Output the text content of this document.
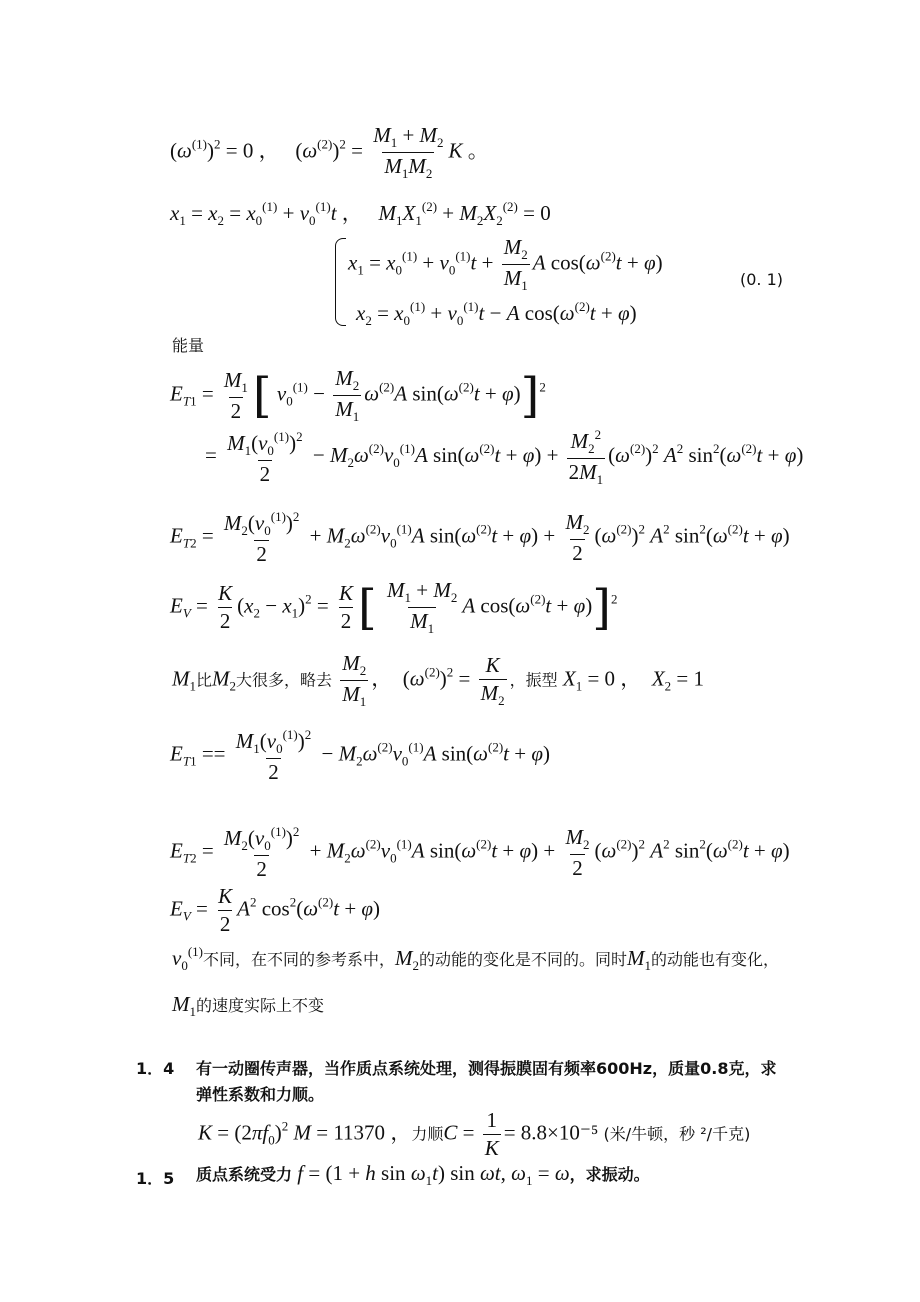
$(\omega^{(1)})^2 = 0$ ，   $(\omega^{(2)})^2 = \frac{M_1 + M_2}{M_1M_2}$ K 。
$x_1 = x_2 = x_0^{(1)} + v_0^{(1)}t$ ，   $M_1X_1^{(2)} + M_2X_2^{(2)} = 0$
$x_1 = x_0^{(1)} + v_0^{(1)}t + \frac{M_2}{M_1}$ A $\cos(\omega^{(2)}t + \varphi)$
$x_2 = x_0^{(1)} + v_0^{(1)}t - A$ $\cos(\omega^{(2)}t + \varphi)$
(0. 1)
能量
$E_{T1} = \frac{M_1}{2}$ [ $v_0^{(1)} - \frac{M_2}{M_1} \omega^{(2)}A$ $\sin(\omega^{(2)}t + \varphi)]^2$
= $\frac{M_1(v_0^{(1)})^2}{2} - M_2\omega^{(2)}v_0^{(1)}A$ $\sin(\omega^{(2)}t + \varphi) + \frac{M_2^2}{2M_1} (\omega^{(2)})^2$ $A^2$ $\sin^2(\omega^{(2)}t + \varphi)$
$E_{T2} = \frac{M_2(v_0^{(1)})^2}{2} + M_2\omega^{(2)}v_0^{(1)}A$ $\sin(\omega^{(2)}t + \varphi) + \frac{M_2}{2} (\omega^{(2)})^2$ $A^2$ $\sin^2(\omega^{(2)}t + \varphi)$
$E_V = \frac{K}{2} (x_2 - x_1)^2 = \frac{K}{2}$ [ $\frac{M_1 + M_2}{M_1}$ A $\cos(\omega^{(2)}t + \varphi)]^2$
$M_1$比$M_2$大很多，略去 $\frac{M_2}{M_1}$ ，  $(\omega^{(2)})^2 = \frac{K}{M_2}$ ，振型 $X_1 = 0$ ，  $X_2 = 1$
$E_{T1} == \frac{M_1(v_0^{(1)})^2}{2} - M_2\omega^{(2)}v_0^{(1)}A$ $\sin(\omega^{(2)}t + \varphi)$
$E_{T2} = \frac{M_2(v_0^{(1)})^2}{2} + M_2\omega^{(2)}v_0^{(1)}A$ $\sin(\omega^{(2)}t + \varphi) + \frac{M_2}{2} (\omega^{(2)})^2$ $A^2$ $\sin^2(\omega^{(2)}t + \varphi)$
$E_V = \frac{K}{2} A^2$ $\cos^2(\omega^{(2)}t + \varphi)$
$v_0^{(1)}$不同，在不同的参考系中，$M_2$的动能的变化是不同的。同时$M_1$的动能也有变化，
$M_1$的速度实际上不变
1．4 有一动圈传声器，当作质点系统处理，测得振膜固有频率600Hz，质量0.8克，求
弹性系数和力顺。
$K = (2\pi f_0)^2$ M = 11370 ，力顺$C = \frac{1}{K} = 8.8\times 10^{-5}$ (米/牛顿，秒 ²/千克)
1．5 质点系统受力 f = (1 + h $\sin \omega_1t$) sin ωt, $\omega_1 = \omega$，求振动。
